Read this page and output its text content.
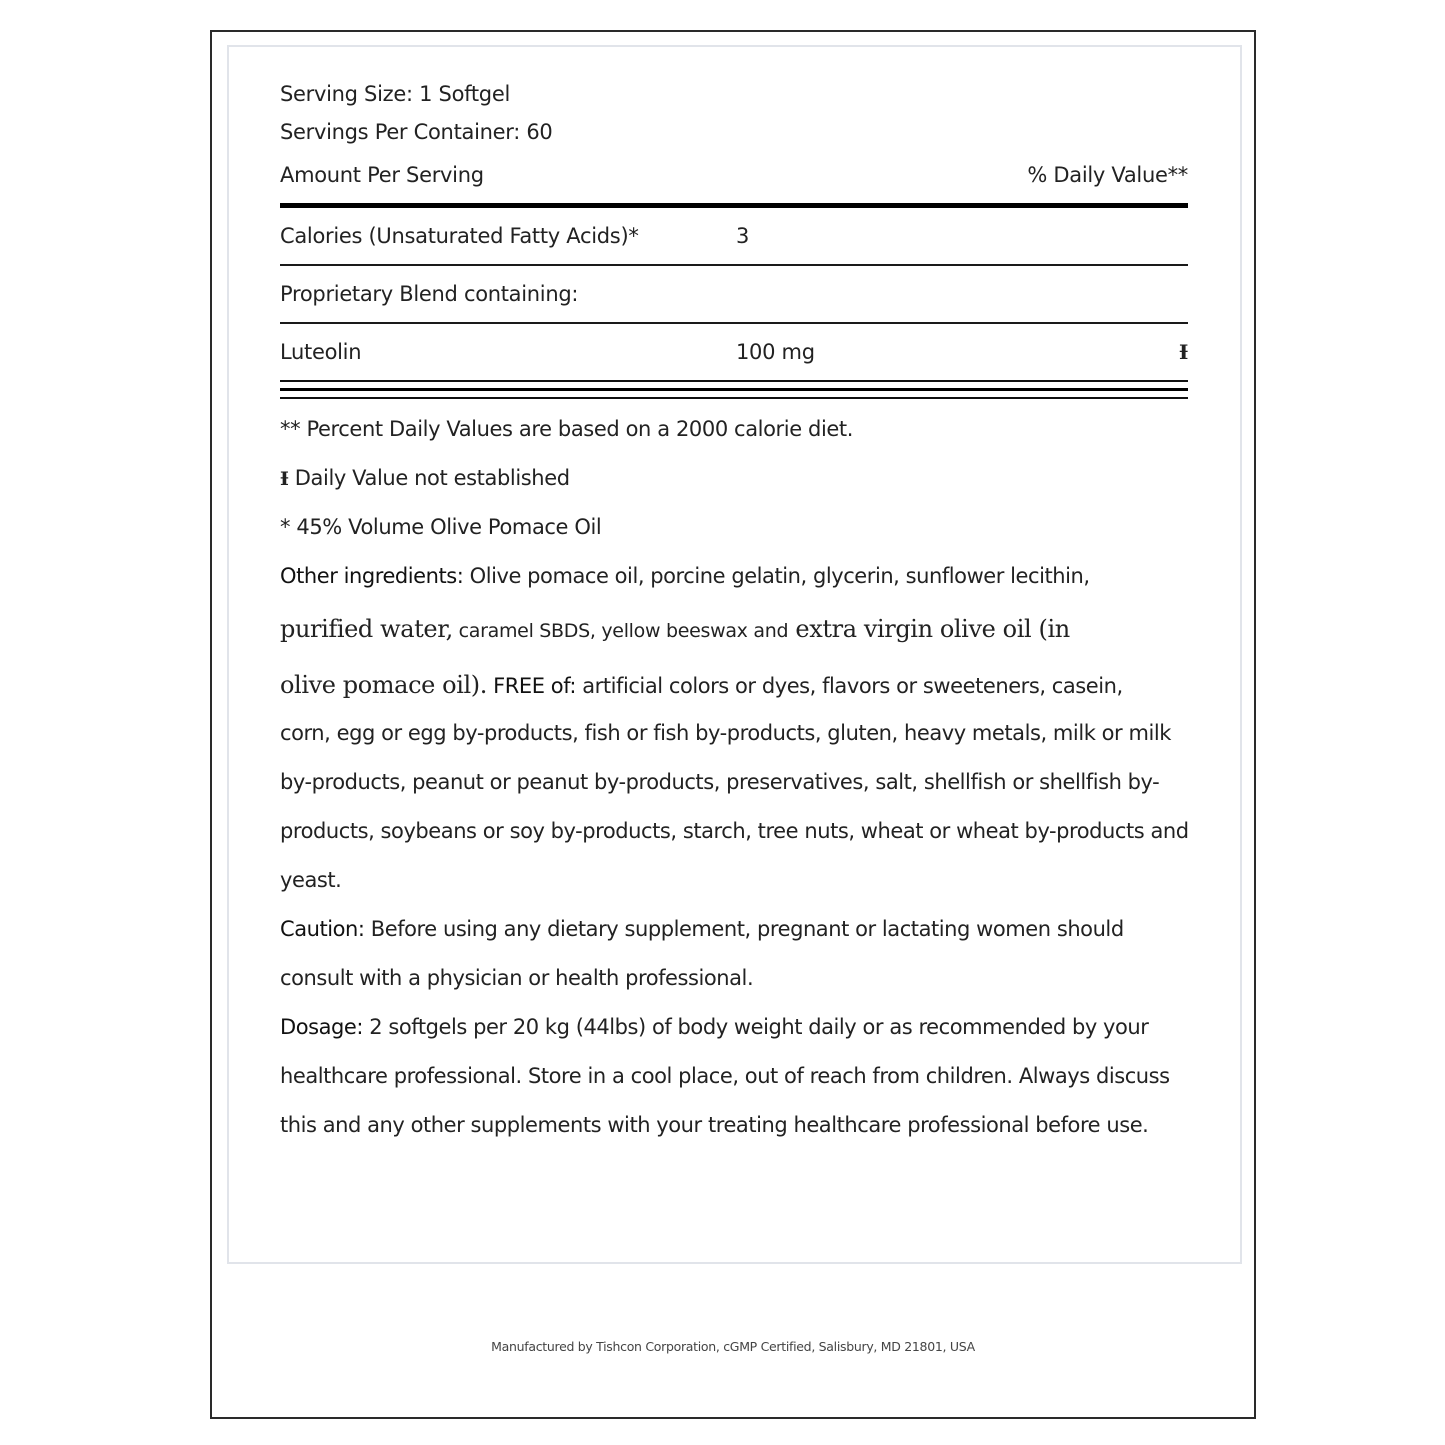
Serving Size: 1 Softgel
Servings Per Container: 60
Amount Per Serving	% Daily Value**
Calories (Unsaturated Fatty Acids)*	3
Proprietary Blend containing:
Luteolin	100 mg	Ɨ
** Percent Daily Values are based on a 2000 calorie diet.
Ɨ Daily Value not established
* 45% Volume Olive Pomace Oil
Other ingredients: Olive pomace oil, porcine gelatin, glycerin, sunflower lecithin,
purified water, caramel SBDS, yellow beeswax and extra virgin olive oil (in
olive pomace oil). FREE of: artificial colors or dyes, flavors or sweeteners, casein,
corn, egg or egg by-products, fish or fish by-products, gluten, heavy metals, milk or milk by-products, peanut or peanut by-products, preservatives, salt, shellfish or shellfish by-products, soybeans or soy by-products, starch, tree nuts, wheat or wheat by-products and yeast.
Caution: Before using any dietary supplement, pregnant or lactating women should consult with a physician or health professional.
Dosage: 2 softgels per 20 kg (44lbs) of body weight daily or as recommended by your healthcare professional. Store in a cool place, out of reach from children. Always discuss this and any other supplements with your treating healthcare professional before use.
Manufactured by Tishcon Corporation, cGMP Certified, Salisbury, MD 21801, USA
